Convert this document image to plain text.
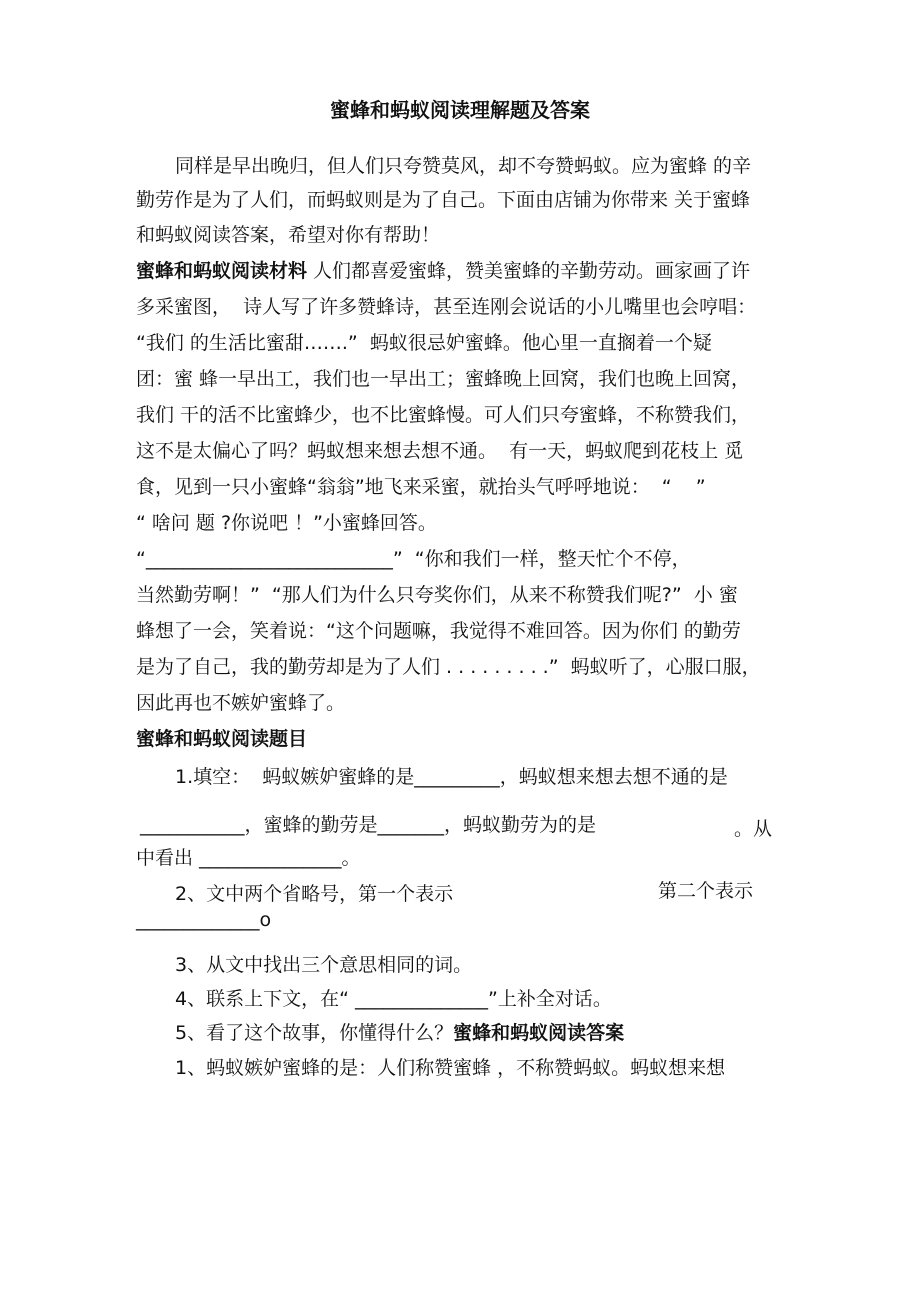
蜜蜂和蚂蚁阅读理解题及答案
同样是早出晚归，但人们只夸赞莫风，却不夸赞蚂蚁。应为蜜蜂 的辛
勤劳作是为了人们，而蚂蚁则是为了自己。下面由店铺为你带来 关于蜜蜂
和蚂蚁阅读答案，希望对你有帮助！
蜜蜂和蚂蚁阅读材料 人们都喜爱蜜蜂，赞美蜜蜂的辛勤劳动。画家画了许
多采蜜图，  诗人写了许多赞蜂诗，甚至连刚会说话的小儿嘴里也会哼唱：
“我们 的生活比蜜甜…….”  蚂蚁很忌妒蜜蜂。他心里一直搁着一个疑
团：蜜 蜂一早出工，我们也一早出工；蜜蜂晚上回窝，我们也晚上回窝，
我们 干的活不比蜜蜂少，也不比蜜蜂慢。可人们只夸蜜蜂，不称赞我们，
这不是太偏心了吗？蚂蚁想来想去想不通。  有一天，蚂蚁爬到花枝上 觅
食，见到一只小蜜蜂“翁翁”地飞来采蜜，就抬头气呼呼地说：  “    ”
“ 啥问 题 ?你说吧 ！”小蜜蜂回答。
“__________________________”  “你和我们一样，整天忙个不停，
当然勤劳啊！”  “那人们为什么只夸奖你们，从来不称赞我们呢?”  小 蜜
蜂想了一会，笑着说：“这个问题嘛，我觉得不难回答。因为你们 的勤劳
是为了自己，我的勤劳却是为了人们 . . . . . . . . .”  蚂蚁听了，心服口服，
因此再也不嫉妒蜜蜂了。
蜜蜂和蚂蚁阅读题目
1.填空：  蚂蚁嫉妒蜜蜂的是_________，蚂蚁想来想去想不通的是
___________，蜜蜂的勤劳是_______，蚂蚁勤劳为的是	。从
中看出 _______________。
2、文中两个省略号，第一个表示	第二个表示
_____________o
3、从文中找出三个意思相同的词。
4、联系上下文，在“ ______________”上补全对话。
5、看了这个故事，你懂得什么？蜜蜂和蚂蚁阅读答案
1、蚂蚁嫉妒蜜蜂的是：人们称赞蜜蜂 ，不称赞蚂蚁。蚂蚁想来想
